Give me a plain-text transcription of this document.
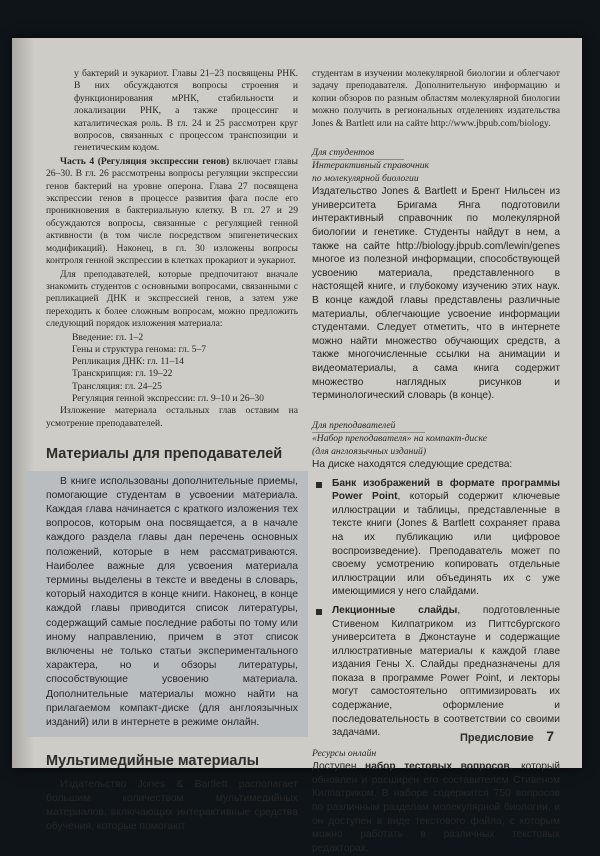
у бактерий и эукариот. Главы 21–23 посвящены РНК. В них обсуждаются вопросы строения и функционирования мРНК, стабильности и локализации РНК, а также процессинг и каталитическая роль. В гл. 24 и 25 рассмотрен круг вопросов, связанных с процессом транспозиции и генетическим кодом.

Часть 4 (Регуляция экспрессии генов) включает главы 26–30. В гл. 26 рассмотрены вопросы регуляции экспрессии генов бактерий на уровне оперона. Глава 27 посвящена экспрессии генов в процессе развития фага после его проникновения в бактериальную клетку. В гл. 27 и 29 обсуждаются вопросы, связанные с регуляцией генной активности (в том числе посредством эпигенетических модификаций). Наконец, в гл. 30 изложены вопросы контроля генной экспрессии в клетках прокариот и эукариот.

Для преподавателей, которые предпочитают вначале знакомить студентов с основными вопросами, связанными с репликацией ДНК и экспрессией генов, а затем уже переходить к более сложным вопросам, можно предложить следующий порядок изложения материала:

Введение: гл. 1–2
Гены и структура генома: гл. 5–7
Репликация ДНК: гл. 11–14
Транскрипция: гл. 19–22
Трансляция: гл. 24–25
Регуляция генной экспрессии: гл. 9–10 и 26–30

Изложение материала остальных глав оставим на усмотрение преподавателей.

Материалы для преподавателей

В книге использованы дополнительные приемы, помогающие студентам в усвоении материала. Каждая глава начинается с краткого изложения тех вопросов, которым она посвящается, а в начале каждого раздела главы дан перечень основных положений, которые в нем рассматриваются. Наиболее важные для усвоения материала термины выделены в тексте и введены в словарь, который находится в конце книги. Наконец, в конце каждой главы приводится список литературы, содержащий самые последние работы по тому или иному направлению, причем в этот список включены не только статьи экспериментального характера, но и обзоры литературы, способствующие усвоению материала. Дополнительные материалы можно найти на прилагаемом компакт-диске (для англоязычных изданий) или в интернете в режиме онлайн.

Мультимедийные материалы

Издательство Jones & Bartlett располагает большим количеством мультимедийных материалов, включающих интерактивные средства обучения, которые помогают

студентам в изучении молекулярной биологии и облегчают задачу преподавателя. Дополнительную информацию и копии обзоров по разным областям молекулярной биологии можно получить в региональных отделениях издательства Jones & Bartlett или на сайте http://www.jbpub.com/biology.

Для студентов
Интерактивный справочник
по молекулярной биологии

Издательство Jones & Bartlett и Брент Нильсен из университета Бригама Янга подготовили интерактивный справочник по молекулярной биологии и генетике. Студенты найдут в нем, а также на сайте http://biology.jbpub.com/lewin/genes многое из полезной информации, способствующей усвоению материала, представленного в настоящей книге, и глубокому изучению этих наук. В конце каждой главы представлены различные материалы, облегчающие усвоение информации студентами. Следует отметить, что в интернете можно найти множество обучающих средств, а также многочисленные ссылки на анимации и видеоматериалы, а сама книга содержит множество наглядных рисунков и терминологический словарь (в конце).

Для преподавателей
«Набор преподавателя» на компакт-диске
(для англоязычных изданий)

На диске находятся следующие средства:

Банк изображений в формате программы Power Point, который содержит ключевые иллюстрации и таблицы, представленные в тексте книги (Jones & Bartlett сохраняет права на их публикацию или цифровое воспроизведение). Преподаватель может по своему усмотрению копировать отдельные иллюстрации или объединять их с уже имеющимися у него слайдами.
Лекционные слайды, подготовленные Стивеном Килпатриком из Питтсбургского университета в Джонстауне и содержащие иллюстративные материалы к каждой главе издания Гены X. Слайды предназначены для показа в программе Power Point, и лекторы могут самостоятельно оптимизировать их содержание, оформление и последовательность в соответствии со своими задачами.
Ресурсы онлайн

Доступен набор тестовых вопросов, который обновлен и расширен его составителем Стивеном Килпатриком. В наборе содержится 750 вопросов по различным разделам молекулярной биологии, и он доступен в виде текстового файла, с которым можно работать в различных текстовых редакторах.

Предисловие 7
